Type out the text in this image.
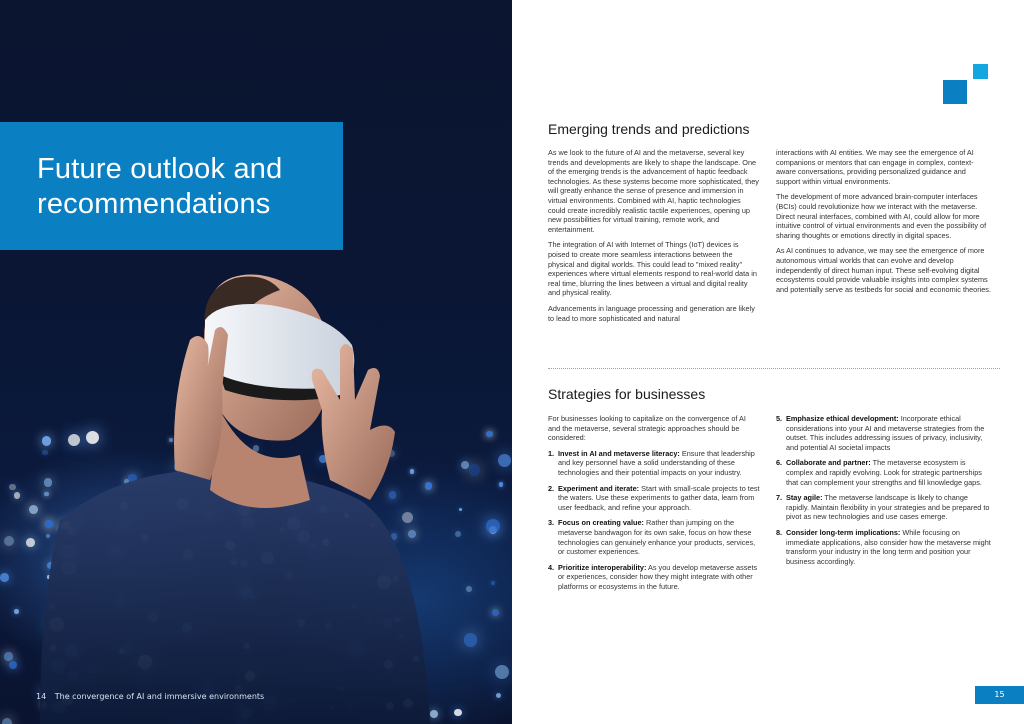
Future outlook and recommendations
14 The convergence of AI and immersive environments
Emerging trends and predictions

As we look to the future of AI and the metaverse, several key trends and developments are likely to shape the landscape. One of the emerging trends is the advancement of haptic feedback technologies. As these systems become more sophisticated, they will greatly enhance the sense of presence and immersion in virtual environments. Combined with AI, haptic technologies could create incredibly realistic tactile experiences, opening up new possibilities for virtual training, remote work, and entertainment.

The integration of AI with Internet of Things (IoT) devices is poised to create more seamless interactions between the physical and digital worlds. This could lead to "mixed reality" experiences where virtual elements respond to real-world data in real time, blurring the lines between a virtual and digital reality and physical reality.

Advancements in language processing and generation are likely to lead to more sophisticated and natural

interactions with AI entities. We may see the emergence of AI companions or mentors that can engage in complex, context-aware conversations, providing personalized guidance and support within virtual environments.

The development of more advanced brain-computer interfaces (BCIs) could revolutionize how we interact with the metaverse. Direct neural interfaces, combined with AI, could allow for more intuitive control of virtual environments and even the possibility of sharing thoughts or emotions directly in digital spaces.

As AI continues to advance, we may see the emergence of more autonomous virtual worlds that can evolve and develop independently of direct human input. These self-evolving digital ecosystems could provide valuable insights into complex systems and potentially serve as testbeds for social and economic theories.

Strategies for businesses

For businesses looking to capitalize on the convergence of AI and the metaverse, several strategic approaches should be considered:

1. Invest in AI and metaverse literacy: Ensure that leadership and key personnel have a solid understanding of these technologies and their potential impacts on your industry.
2. Experiment and iterate: Start with small-scale projects to test the waters. Use these experiments to gather data, learn from user feedback, and refine your approach.
3. Focus on creating value: Rather than jumping on the metaverse bandwagon for its own sake, focus on how these technologies can genuinely enhance your products, services, or customer experiences.
4. Prioritize interoperability: As you develop metaverse assets or experiences, consider how they might integrate with other platforms or ecosystems in the future.
5. Emphasize ethical development: Incorporate ethical considerations into your AI and metaverse strategies from the outset. This includes addressing issues of privacy, inclusivity, and potential AI societal impacts
6. Collaborate and partner: The metaverse ecosystem is complex and rapidly evolving. Look for strategic partnerships that can complement your strengths and fill knowledge gaps.
7. Stay agile: The metaverse landscape is likely to change rapidly. Maintain flexibility in your strategies and be prepared to pivot as new technologies and use cases emerge.
8. Consider long-term implications: While focusing on immediate applications, also consider how the metaverse might transform your industry in the long term and position your business accordingly.
15
